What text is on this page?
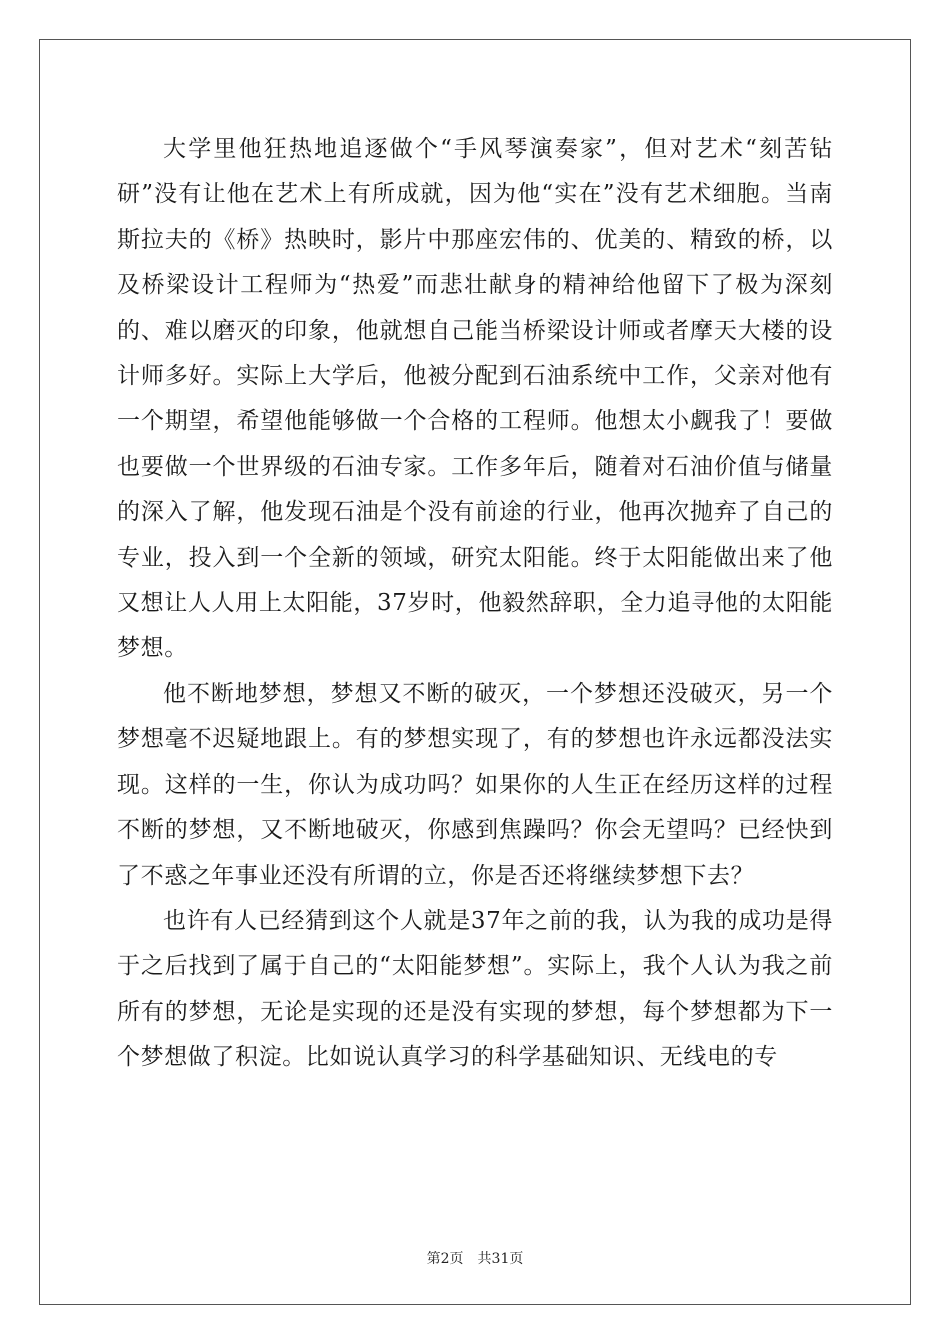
大学里他狂热地追逐做个“手风琴演奏家”，但对艺术“刻苦钻研”没有让他在艺术上有所成就，因为他“实在”没有艺术细胞。当南斯拉夫的《桥》热映时，影片中那座宏伟的、优美的、精致的桥，以及桥梁设计工程师为“热爱”而悲壮献身的精神给他留下了极为深刻的、难以磨灭的印象，他就想自己能当桥梁设计师或者摩天大楼的设计师多好。实际上大学后，他被分配到石油系统中工作，父亲对他有一个期望，希望他能够做一个合格的工程师。他想太小觑我了！要做也要做一个世界级的石油专家。工作多年后，随着对石油价值与储量的深入了解，他发现石油是个没有前途的行业，他再次抛弃了自己的专业，投入到一个全新的领域，研究太阳能。终于太阳能做出来了他又想让人人用上太阳能，37岁时，他毅然辞职，全力追寻他的太阳能梦想。

他不断地梦想，梦想又不断的破灭，一个梦想还没破灭，另一个梦想毫不迟疑地跟上。有的梦想实现了，有的梦想也许永远都没法实现。这样的一生，你认为成功吗？如果你的人生正在经历这样的过程不断的梦想，又不断地破灭，你感到焦躁吗？你会无望吗？已经快到了不惑之年事业还没有所谓的立，你是否还将继续梦想下去？

也许有人已经猜到这个人就是37年之前的我，认为我的成功是得于之后找到了属于自己的“太阳能梦想”。实际上，我个人认为我之前所有的梦想，无论是实现的还是没有实现的梦想，每个梦想都为下一个梦想做了积淀。比如说认真学习的科学基础知识、无线电的专

第2页 共31页
